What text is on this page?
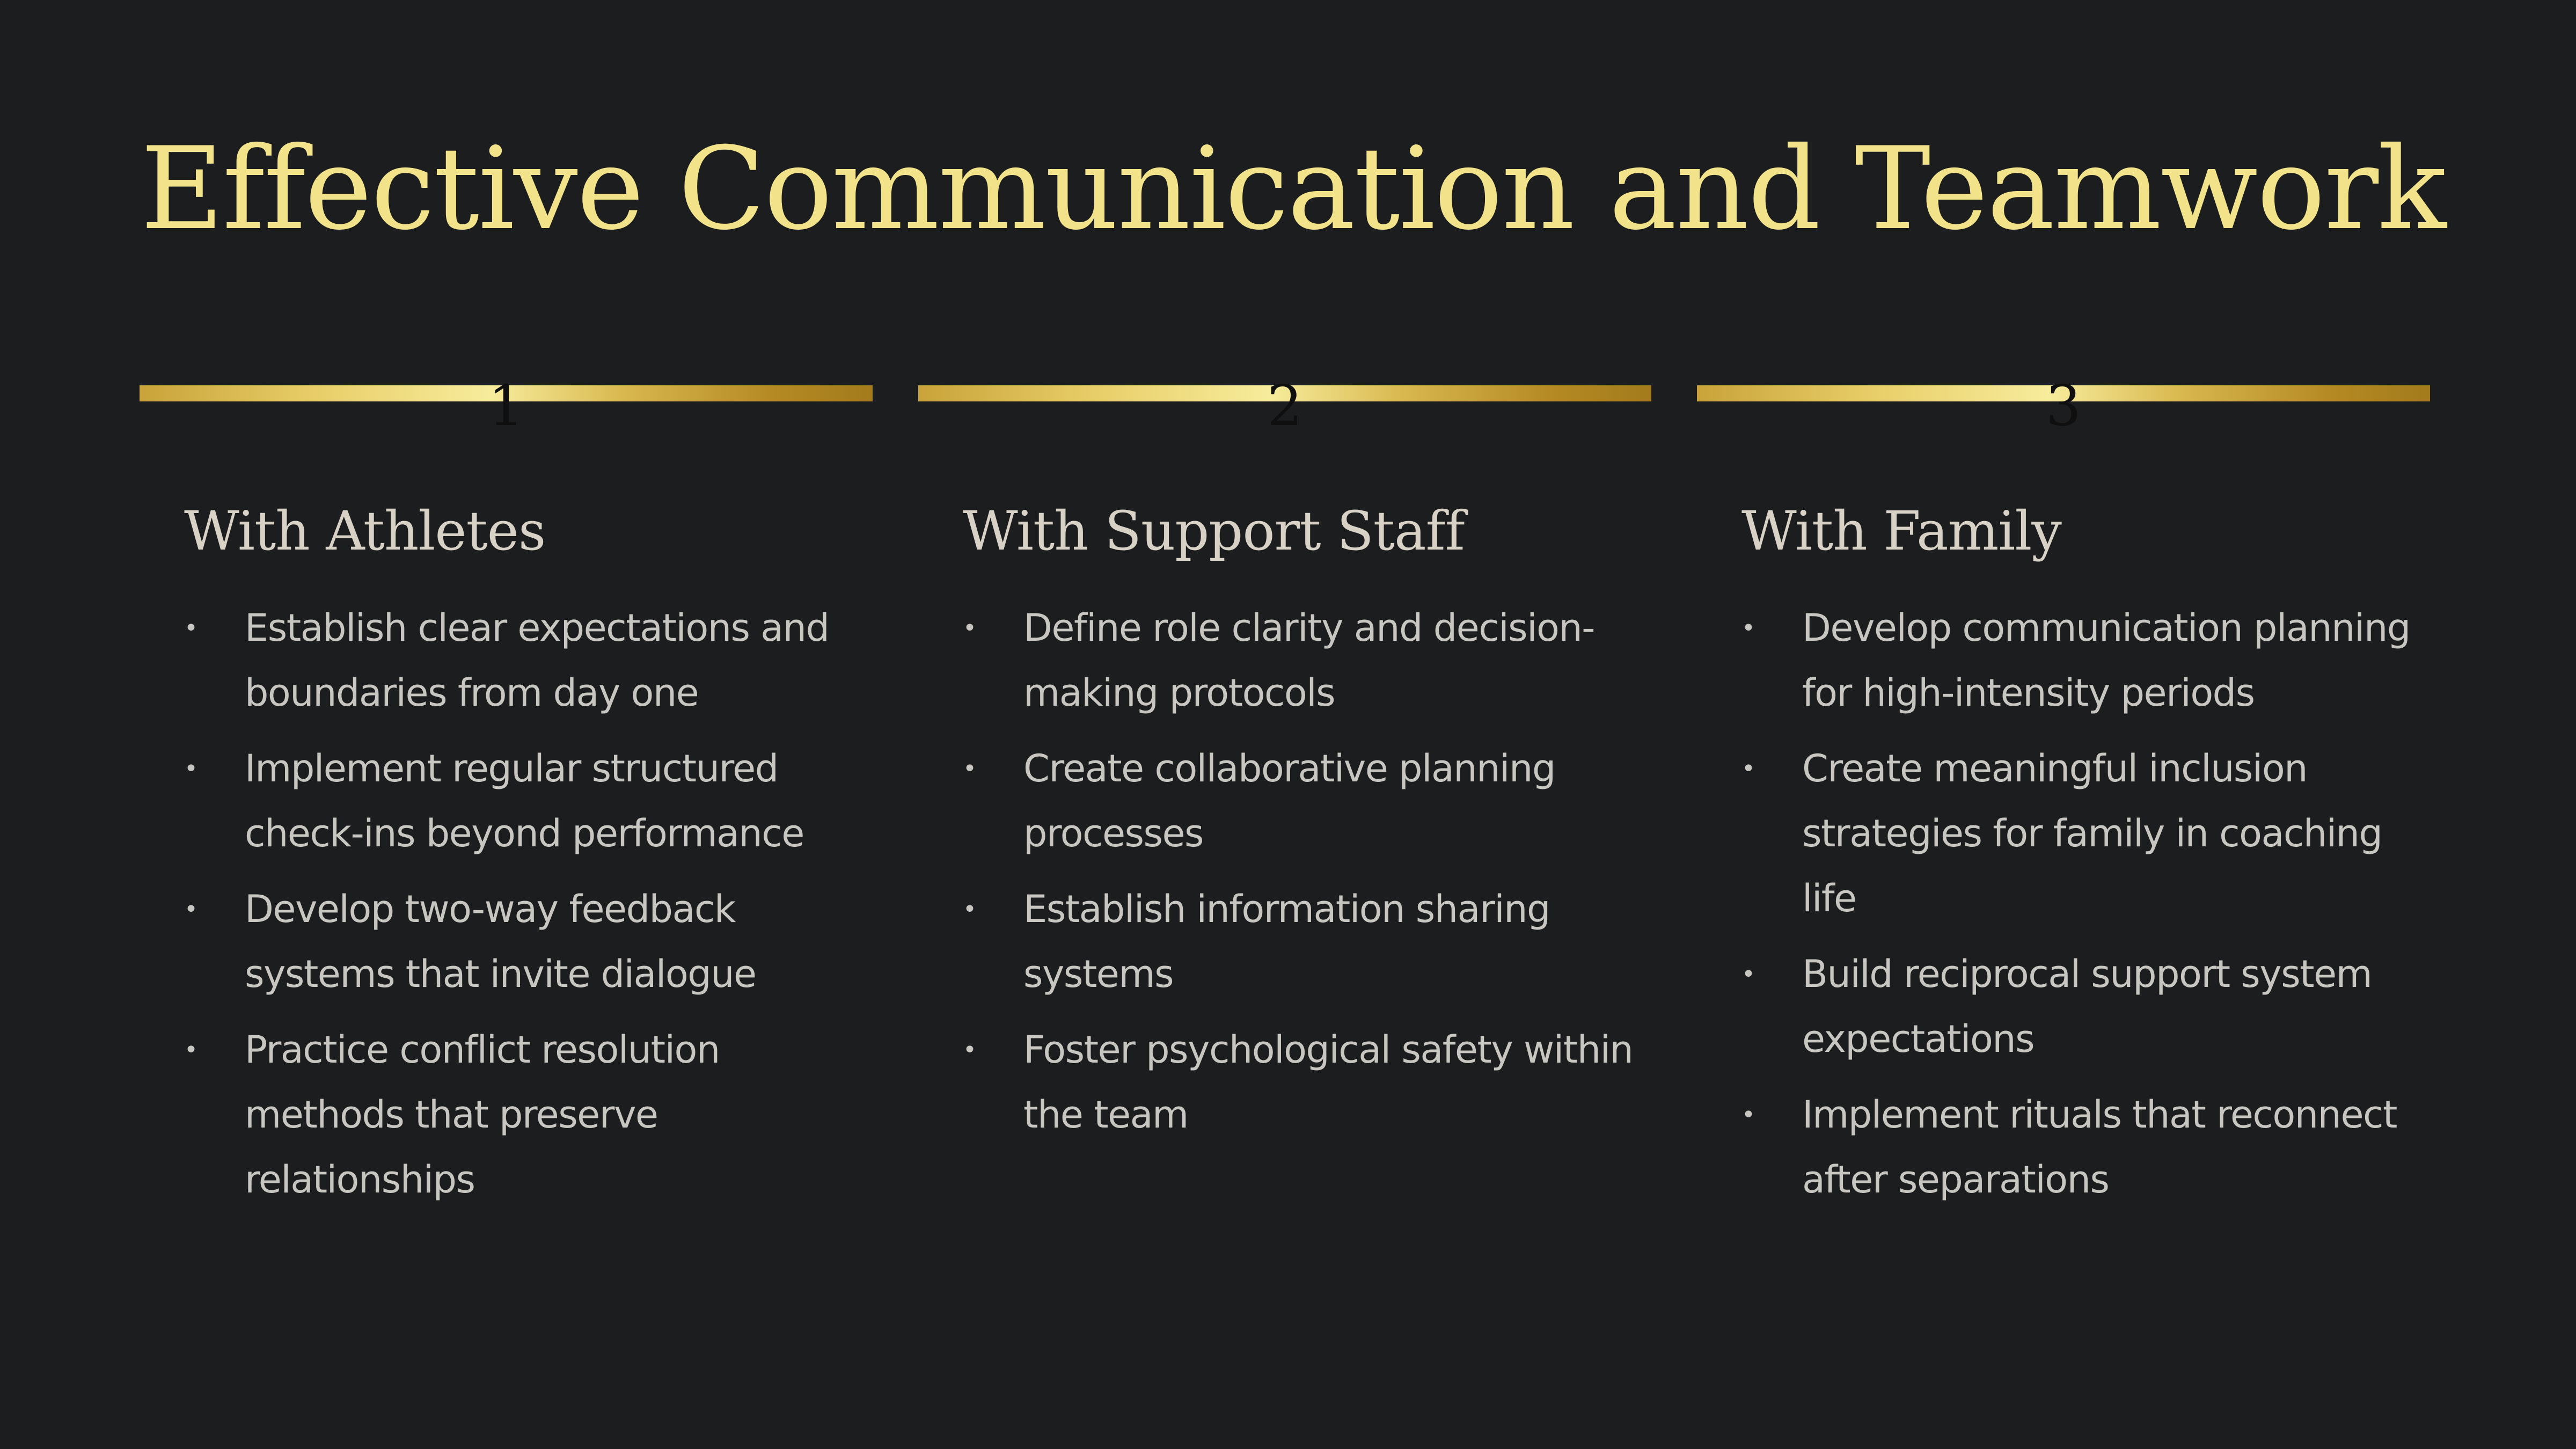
Effective Communication and Teamwork
1
With Athletes
• Establish clear expectations and boundaries from day one
• Implement regular structured check-ins beyond performance
• Develop two-way feedback systems that invite dialogue
• Practice conflict resolution methods that preserve relationships
2
With Support Staff
• Define role clarity and decision-making protocols
• Create collaborative planning processes
• Establish information sharing systems
• Foster psychological safety within the team
3
With Family
• Develop communication planning for high-intensity periods
• Create meaningful inclusion strategies for family in coaching life
• Build reciprocal support system expectations
• Implement rituals that reconnect after separations
